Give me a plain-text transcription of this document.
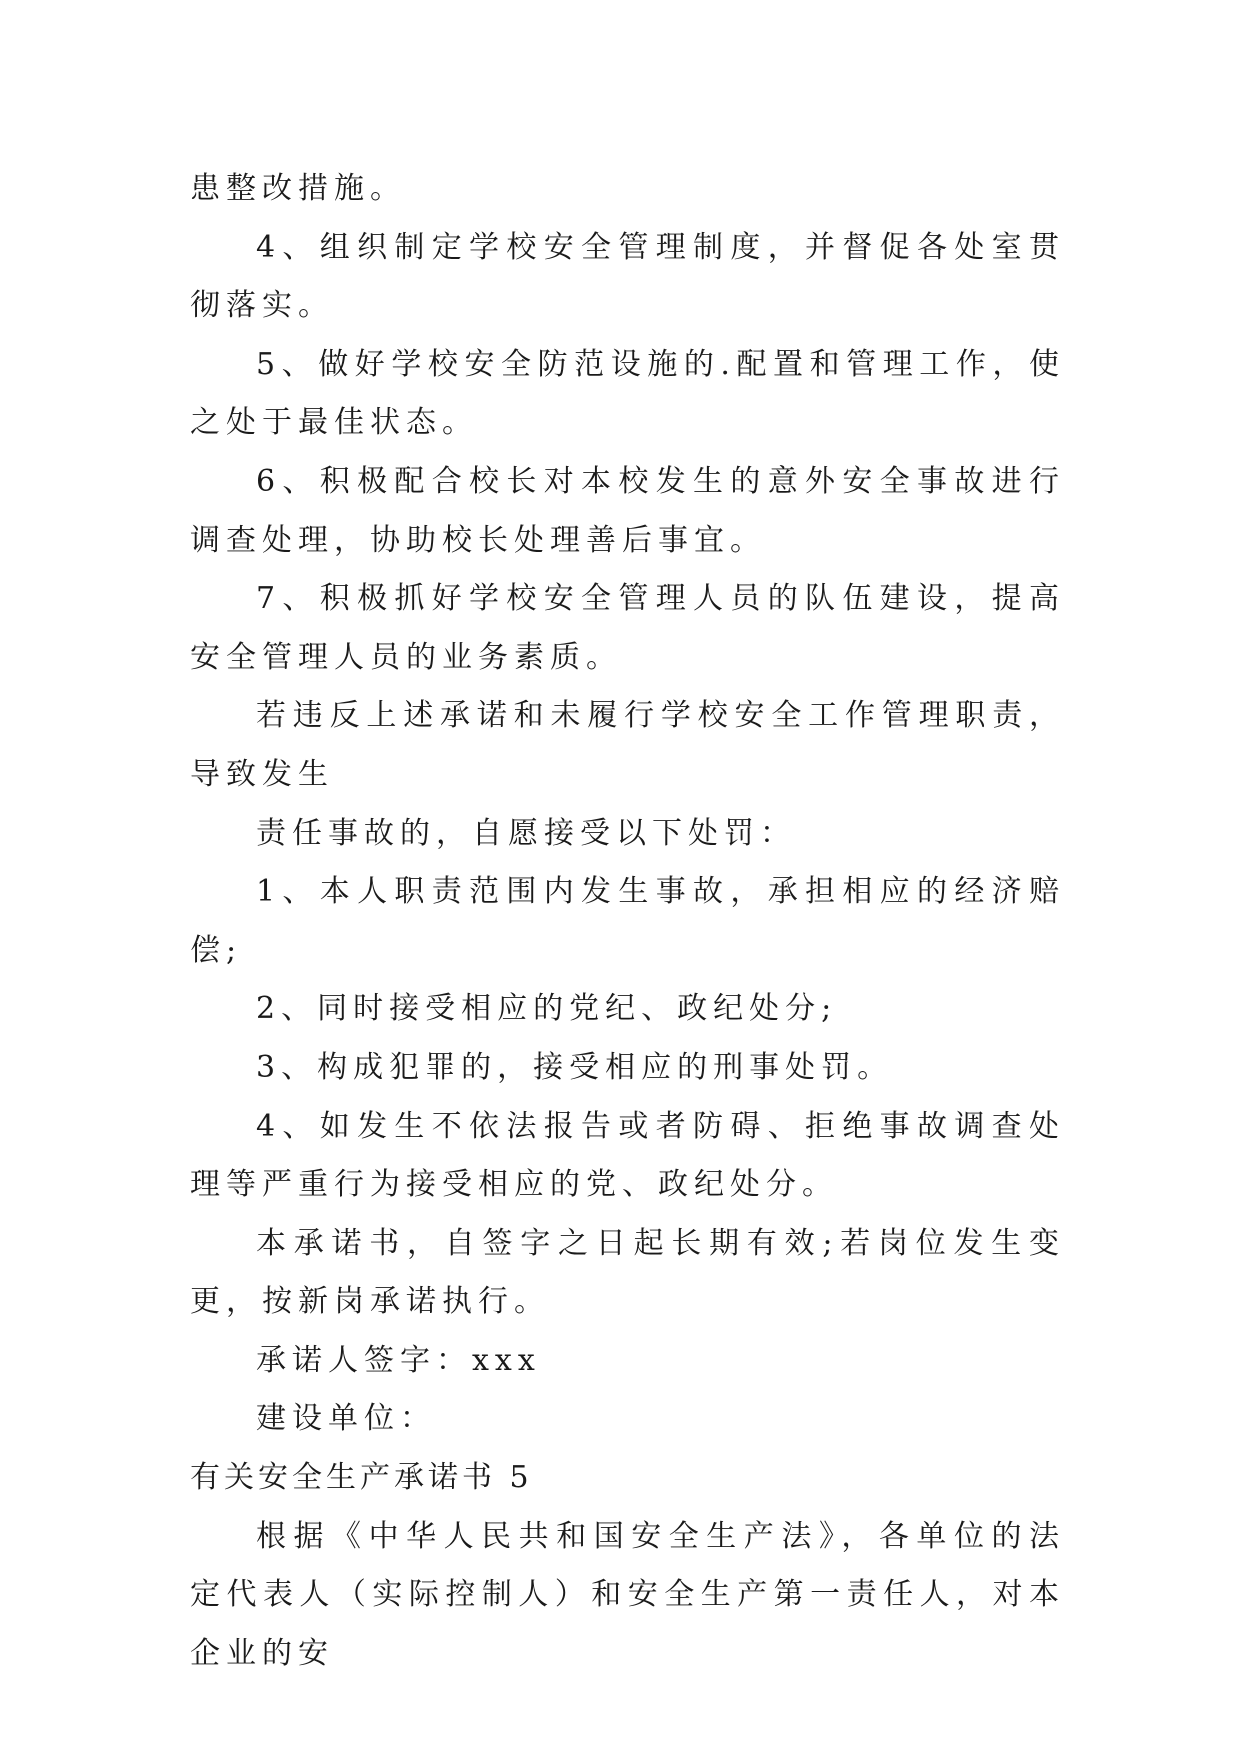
患整改措施。

4、组织制定学校安全管理制度，并督促各处室贯彻落实。

5、做好学校安全防范设施的.配置和管理工作，使之处于最佳状态。

6、积极配合校长对本校发生的意外安全事故进行调查处理，协助校长处理善后事宜。

7、积极抓好学校安全管理人员的队伍建设，提高安全管理人员的业务素质。

若违反上述承诺和未履行学校安全工作管理职责，导致发生

责任事故的，自愿接受以下处罚：

1、本人职责范围内发生事故，承担相应的经济赔偿;

2、同时接受相应的党纪、政纪处分;

3、构成犯罪的，接受相应的刑事处罚。

4、如发生不依法报告或者防碍、拒绝事故调查处理等严重行为接受相应的党、政纪处分。

本承诺书，自签字之日起长期有效;若岗位发生变更，按新岗承诺执行。

承诺人签字：xxx

建设单位：

有关安全生产承诺书 5

根据《中华人民共和国安全生产法》，各单位的法定代表人（实际控制人）和安全生产第一责任人，对本企业的安
